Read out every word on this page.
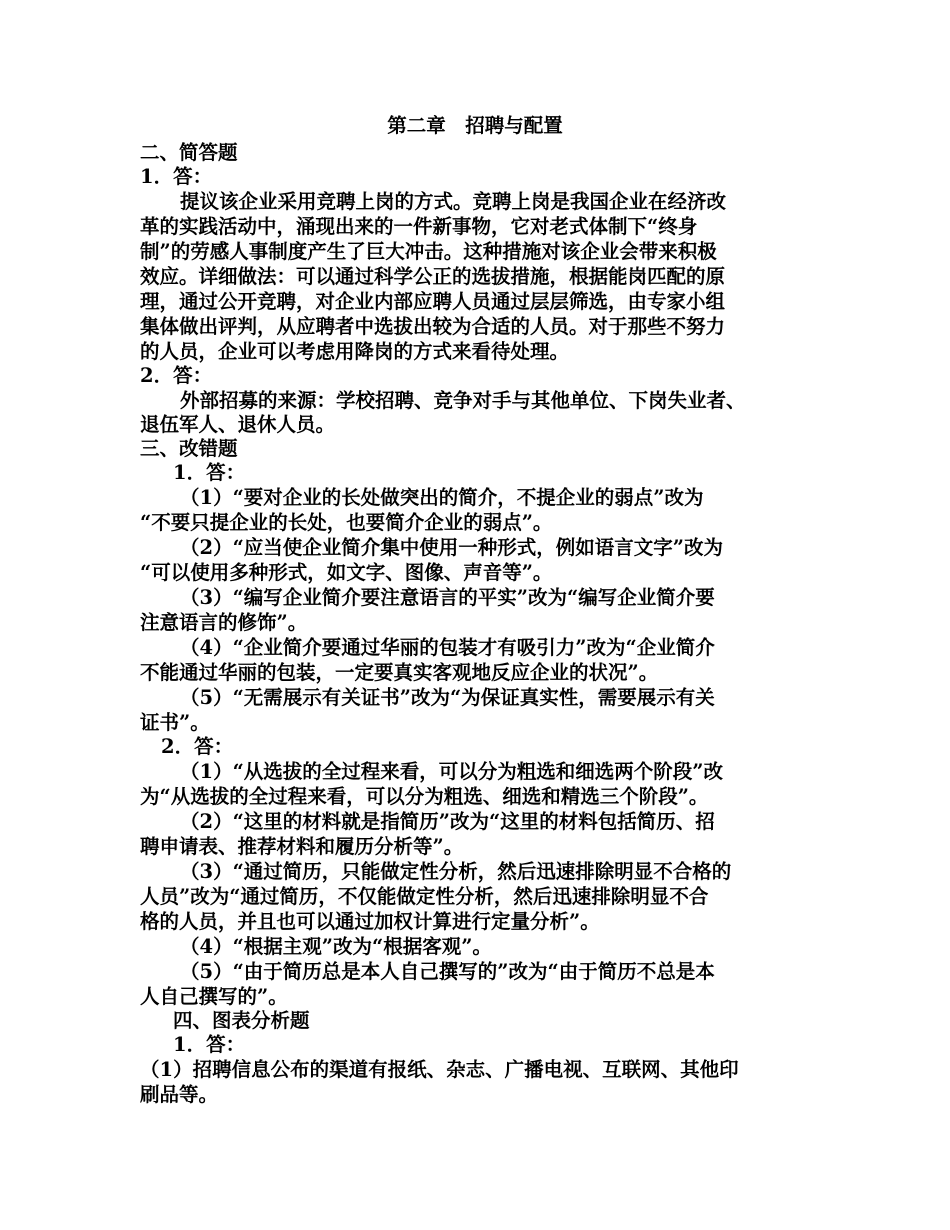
第二章　招聘与配置
二、简答题
1．答：
提议该企业采用竞聘上岗的方式。竞聘上岗是我国企业在经济改
革的实践活动中，涌现出来的一件新事物，它对老式体制下“终身
制”的劳感人事制度产生了巨大冲击。这种措施对该企业会带来积极
效应。详细做法：可以通过科学公正的选拔措施，根据能岗匹配的原
理，通过公开竞聘，对企业内部应聘人员通过层层筛选，由专家小组
集体做出评判，从应聘者中选拔出较为合适的人员。对于那些不努力
的人员，企业可以考虑用降岗的方式来看待处理。
2．答：
外部招募的来源：学校招聘、竞争对手与其他单位、下岗失业者、
退伍军人、退休人员。
三、改错题
1．答：
（1）“要对企业的长处做突出的简介，不提企业的弱点”改为
“不要只提企业的长处，也要简介企业的弱点”。
（2）“应当使企业简介集中使用一种形式，例如语言文字”改为
“可以使用多种形式，如文字、图像、声音等”。
（3）“编写企业简介要注意语言的平实”改为“编写企业简介要
注意语言的修饰”。
（4）“企业简介要通过华丽的包装才有吸引力”改为“企业简介
不能通过华丽的包装，一定要真实客观地反应企业的状况”。
（5）“无需展示有关证书”改为“为保证真实性，需要展示有关
证书”。
2．答：
（1）“从选拔的全过程来看，可以分为粗选和细选两个阶段”改
为“从选拔的全过程来看，可以分为粗选、细选和精选三个阶段”。
（2）“这里的材料就是指简历”改为“这里的材料包括简历、招
聘申请表、推荐材料和履历分析等”。
（3）“通过简历，只能做定性分析，然后迅速排除明显不合格的
人员”改为“通过简历，不仅能做定性分析，然后迅速排除明显不合
格的人员，并且也可以通过加权计算进行定量分析”。
（4）“根据主观”改为“根据客观”。
（5）“由于简历总是本人自己撰写的”改为“由于简历不总是本
人自己撰写的”。
四、图表分析题
1．答：
（1）招聘信息公布的渠道有报纸、杂志、广播电视、互联网、其他印
刷品等。
